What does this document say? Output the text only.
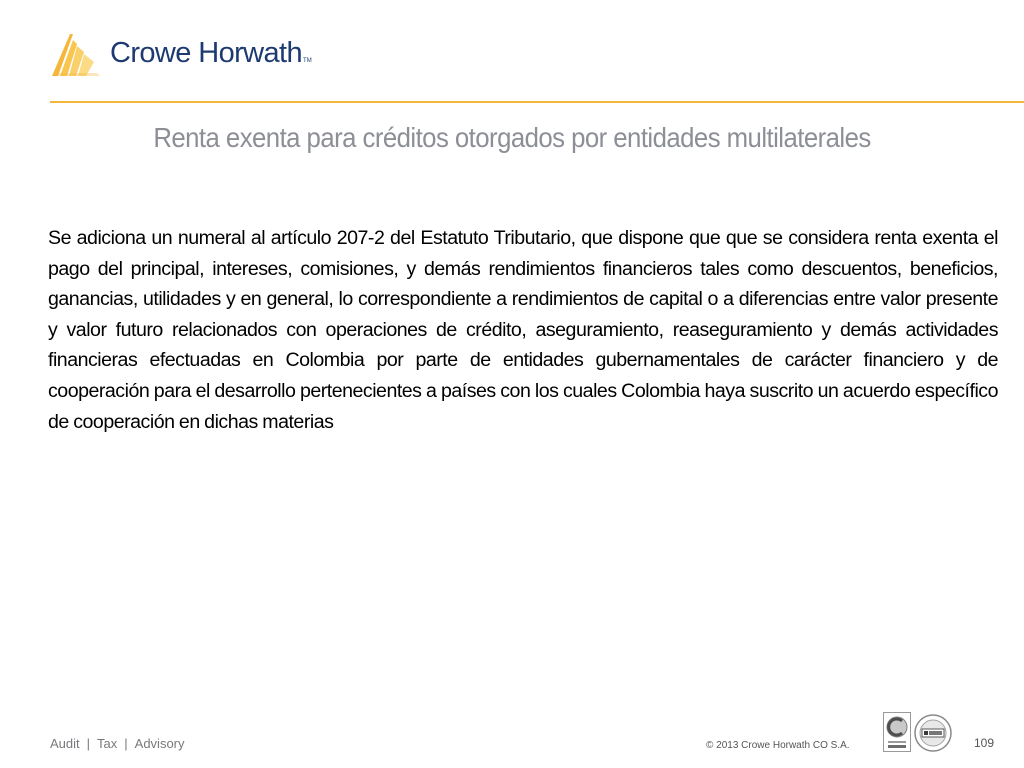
Crowe HorwathTM
Renta exenta para créditos otorgados por entidades multilaterales

Se adiciona un numeral al artículo 207-2 del Estatuto Tributario, que dispone que que se considera renta exenta el pago del principal, intereses, comisiones, y demás rendimientos financieros tales como descuentos, beneficios, ganancias, utilidades y en general, lo correspondiente a rendimientos de capital o a diferencias entre valor presente y valor futuro relacionados con operaciones de crédito, aseguramiento, reaseguramiento y demás actividades financieras efectuadas en Colombia por parte de entidades gubernamentales de carácter financiero y de cooperación para el desarrollo pertenecientes a países con los cuales Colombia haya suscrito un acuerdo específico de cooperación en dichas materias

Audit | Tax | Advisory	© 2013 Crowe Horwath CO S.A.	109
